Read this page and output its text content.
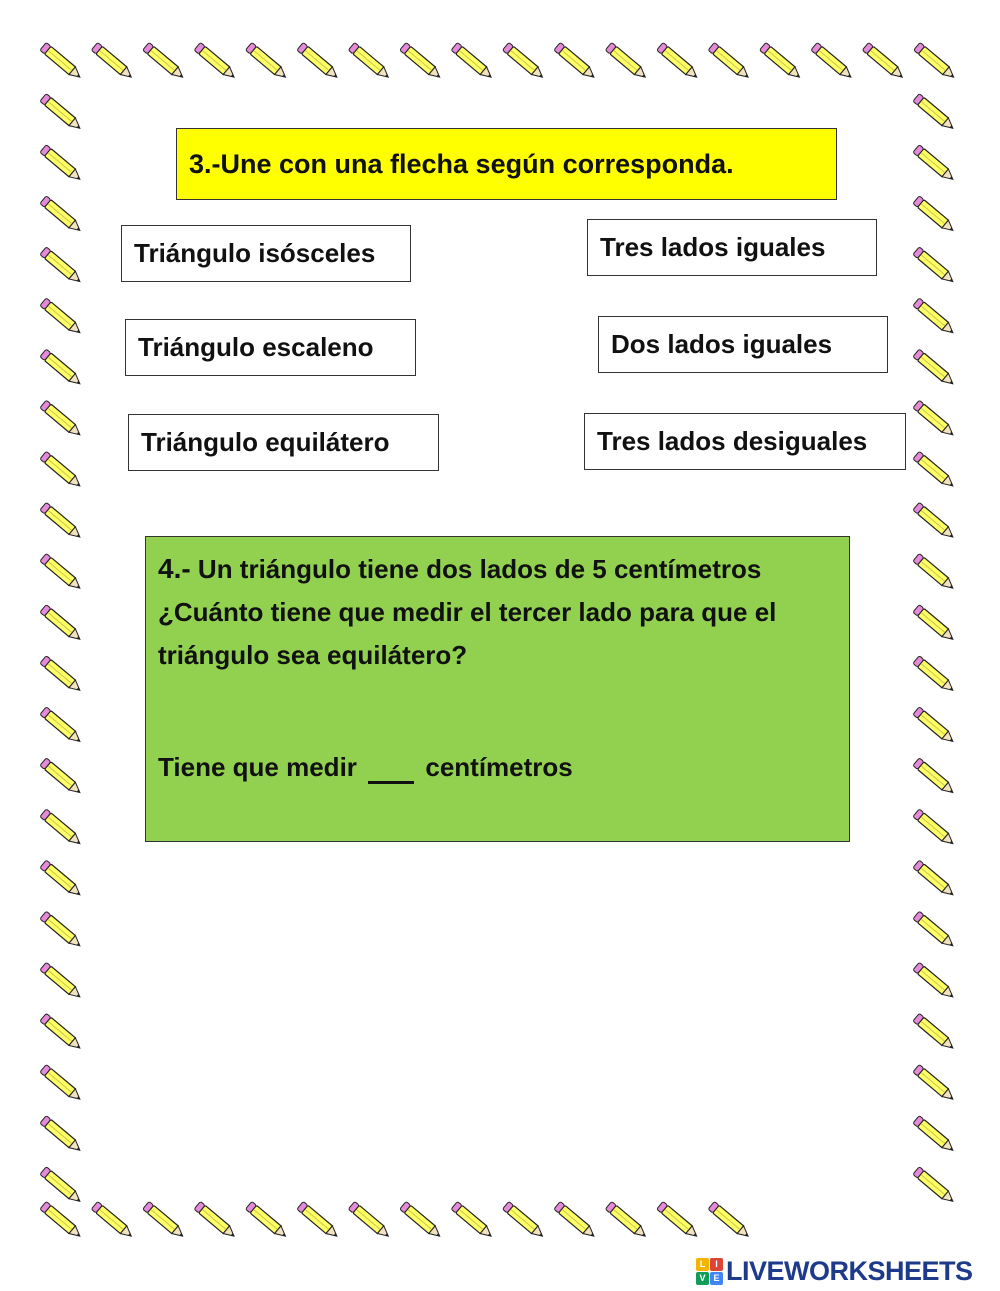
3.-Une con una flecha según corresponda.
Triángulo isósceles
Triángulo escaleno
Triángulo equilátero
Tres lados iguales
Dos lados iguales
Tres lados desiguales
4.- Un triángulo tiene dos lados de 5 centímetros ¿Cuánto tiene que medir el tercer lado para que el triángulo sea equilátero?
Tiene que medir  centímetros
L	I
V E LIVEWORKSHEETS
